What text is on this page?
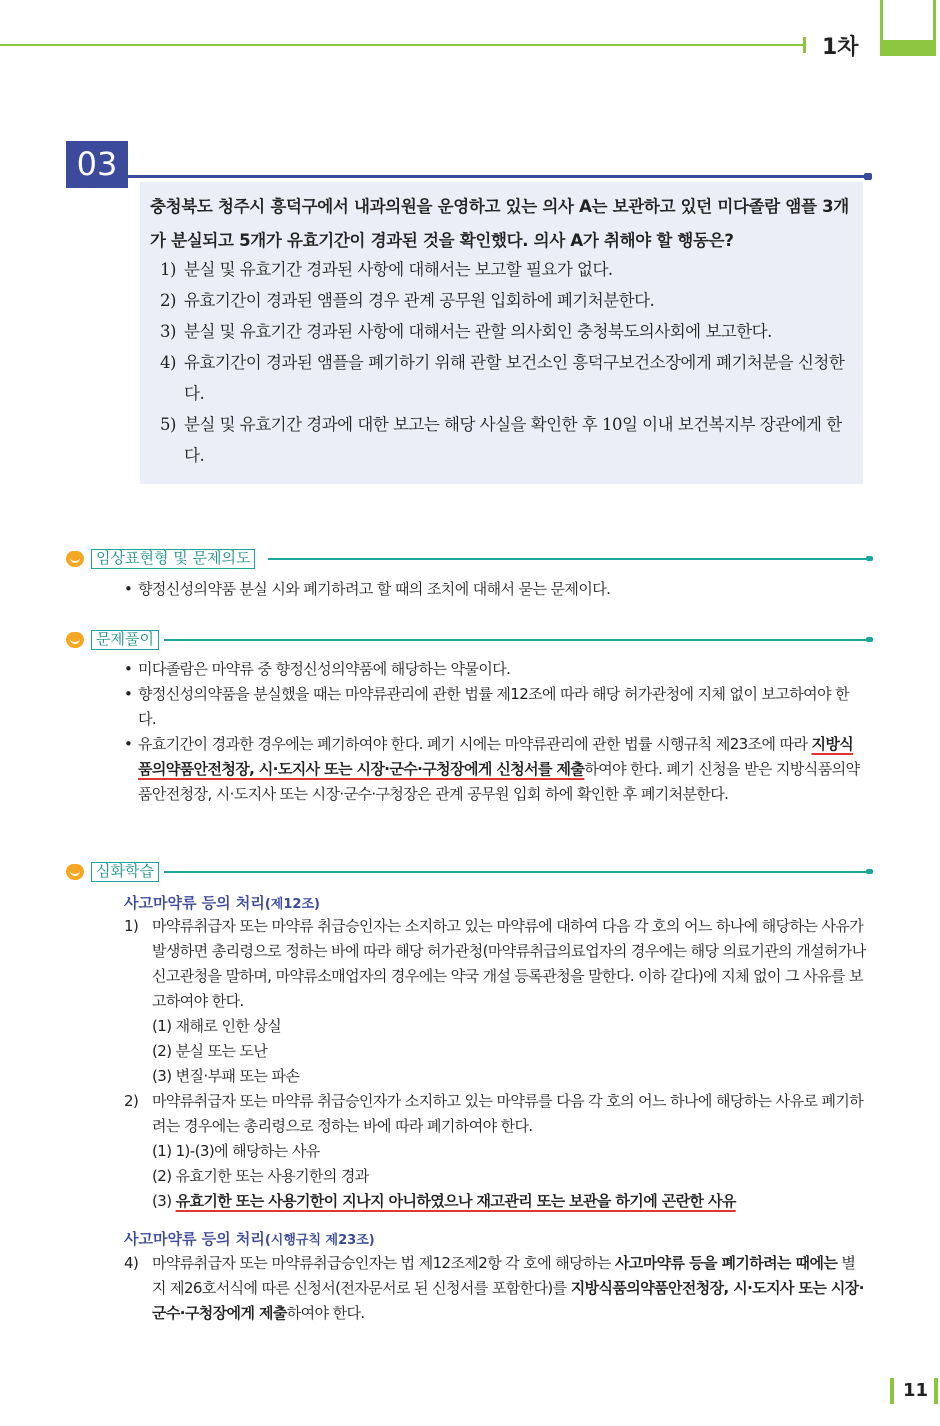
1차
03
충청북도 청주시 흥덕구에서 내과의원을 운영하고 있는 의사 A는 보관하고 있던 미다졸람 앰플 3개가 분실되고 5개가 유효기간이 경과된 것을 확인했다. 의사 A가 취해야 할 행동은?
1) 분실 및 유효기간 경과된 사항에 대해서는 보고할 필요가 없다.
2) 유효기간이 경과된 앰플의 경우 관계 공무원 입회하에 폐기처분한다.
3) 분실 및 유효기간 경과된 사항에 대해서는 관할 의사회인 충청북도의사회에 보고한다.
4) 유효기간이 경과된 앰플을 폐기하기 위해 관할 보건소인 흥덕구보건소장에게 폐기처분을 신청한다.
5) 분실 및 유효기간 경과에 대한 보고는 해당 사실을 확인한 후 10일 이내 보건복지부 장관에게 한다.
임상표현형 및 문제의도
• 향정신성의약품 분실 시와 폐기하려고 할 때의 조치에 대해서 묻는 문제이다.
문제풀이
• 미다졸람은 마약류 중 향정신성의약품에 해당하는 약물이다.
• 향정신성의약품을 분실했을 때는 마약류관리에 관한 법률 제12조에 따라 해당 허가관청에 지체 없이 보고하여야 한다.
• 유효기간이 경과한 경우에는 폐기하여야 한다. 폐기 시에는 마약류관리에 관한 법률 시행규칙 제23조에 따라 지방식품의약품안전청장, 시·도지사 또는 시장·군수·구청장에게 신청서를 제출하여야 한다. 폐기 신청을 받은 지방식품의약품안전청장, 시·도지사 또는 시장·군수·구청장은 관계 공무원 입회 하에 확인한 후 폐기처분한다.
심화학습
사고마약류 등의 처리(제12조)
1) 마약류취급자 또는 마약류 취급승인자는 소지하고 있는 마약류에 대하여 다음 각 호의 어느 하나에 해당하는 사유가 발생하면 총리령으로 정하는 바에 따라 해당 허가관청(마약류취급의료업자의 경우에는 해당 의료기관의 개설허가나 신고관청을 말하며, 마약류소매업자의 경우에는 약국 개설 등록관청을 말한다. 이하 같다)에 지체 없이 그 사유를 보고하여야 한다.
(1) 재해로 인한 상실
(2) 분실 또는 도난
(3) 변질·부패 또는 파손
2) 마약류취급자 또는 마약류 취급승인자가 소지하고 있는 마약류를 다음 각 호의 어느 하나에 해당하는 사유로 폐기하려는 경우에는 총리령으로 정하는 바에 따라 폐기하여야 한다.
(1) 1)-(3)에 해당하는 사유
(2) 유효기한 또는 사용기한의 경과
(3) 유효기한 또는 사용기한이 지나지 아니하였으나 재고관리 또는 보관을 하기에 곤란한 사유
사고마약류 등의 처리(시행규칙 제23조)
4) 마약류취급자 또는 마약류취급승인자는 법 제12조제2항 각 호에 해당하는 사고마약류 등을 폐기하려는 때에는 별지 제26호서식에 따른 신청서(전자문서로 된 신청서를 포함한다)를 지방식품의약품안전청장, 시·도지사 또는 시장·군수·구청장에게 제출하여야 한다.
11
